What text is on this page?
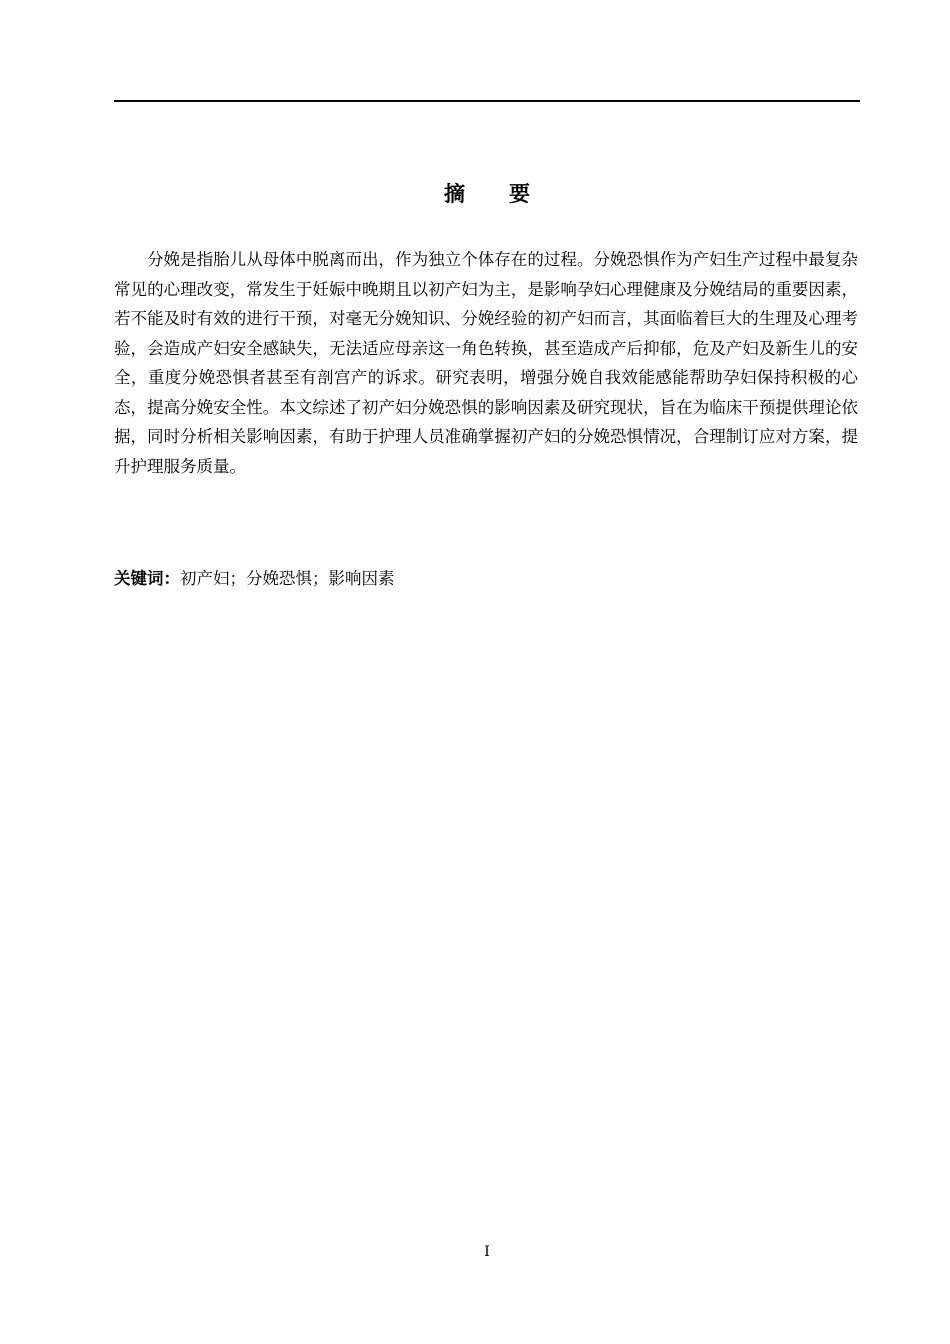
摘 要

分娩是指胎儿从母体中脱离而出，作为独立个体存在的过程。分娩恐惧作为产妇生产过程中最复杂常见的心理改变，常发生于妊娠中晚期且以初产妇为主，是影响孕妇心理健康及分娩结局的重要因素，若不能及时有效的进行干预，对毫无分娩知识、分娩经验的初产妇而言，其面临着巨大的生理及心理考验，会造成产妇安全感缺失，无法适应母亲这一角色转换，甚至造成产后抑郁，危及产妇及新生儿的安全，重度分娩恐惧者甚至有剖宫产的诉求。研究表明，增强分娩自我效能感能帮助孕妇保持积极的心态，提高分娩安全性。本文综述了初产妇分娩恐惧的影响因素及研究现状，旨在为临床干预提供理论依据，同时分析相关影响因素，有助于护理人员准确掌握初产妇的分娩恐惧情况，合理制订应对方案，提升护理服务质量。

关键词：初产妇；分娩恐惧；影响因素
I
